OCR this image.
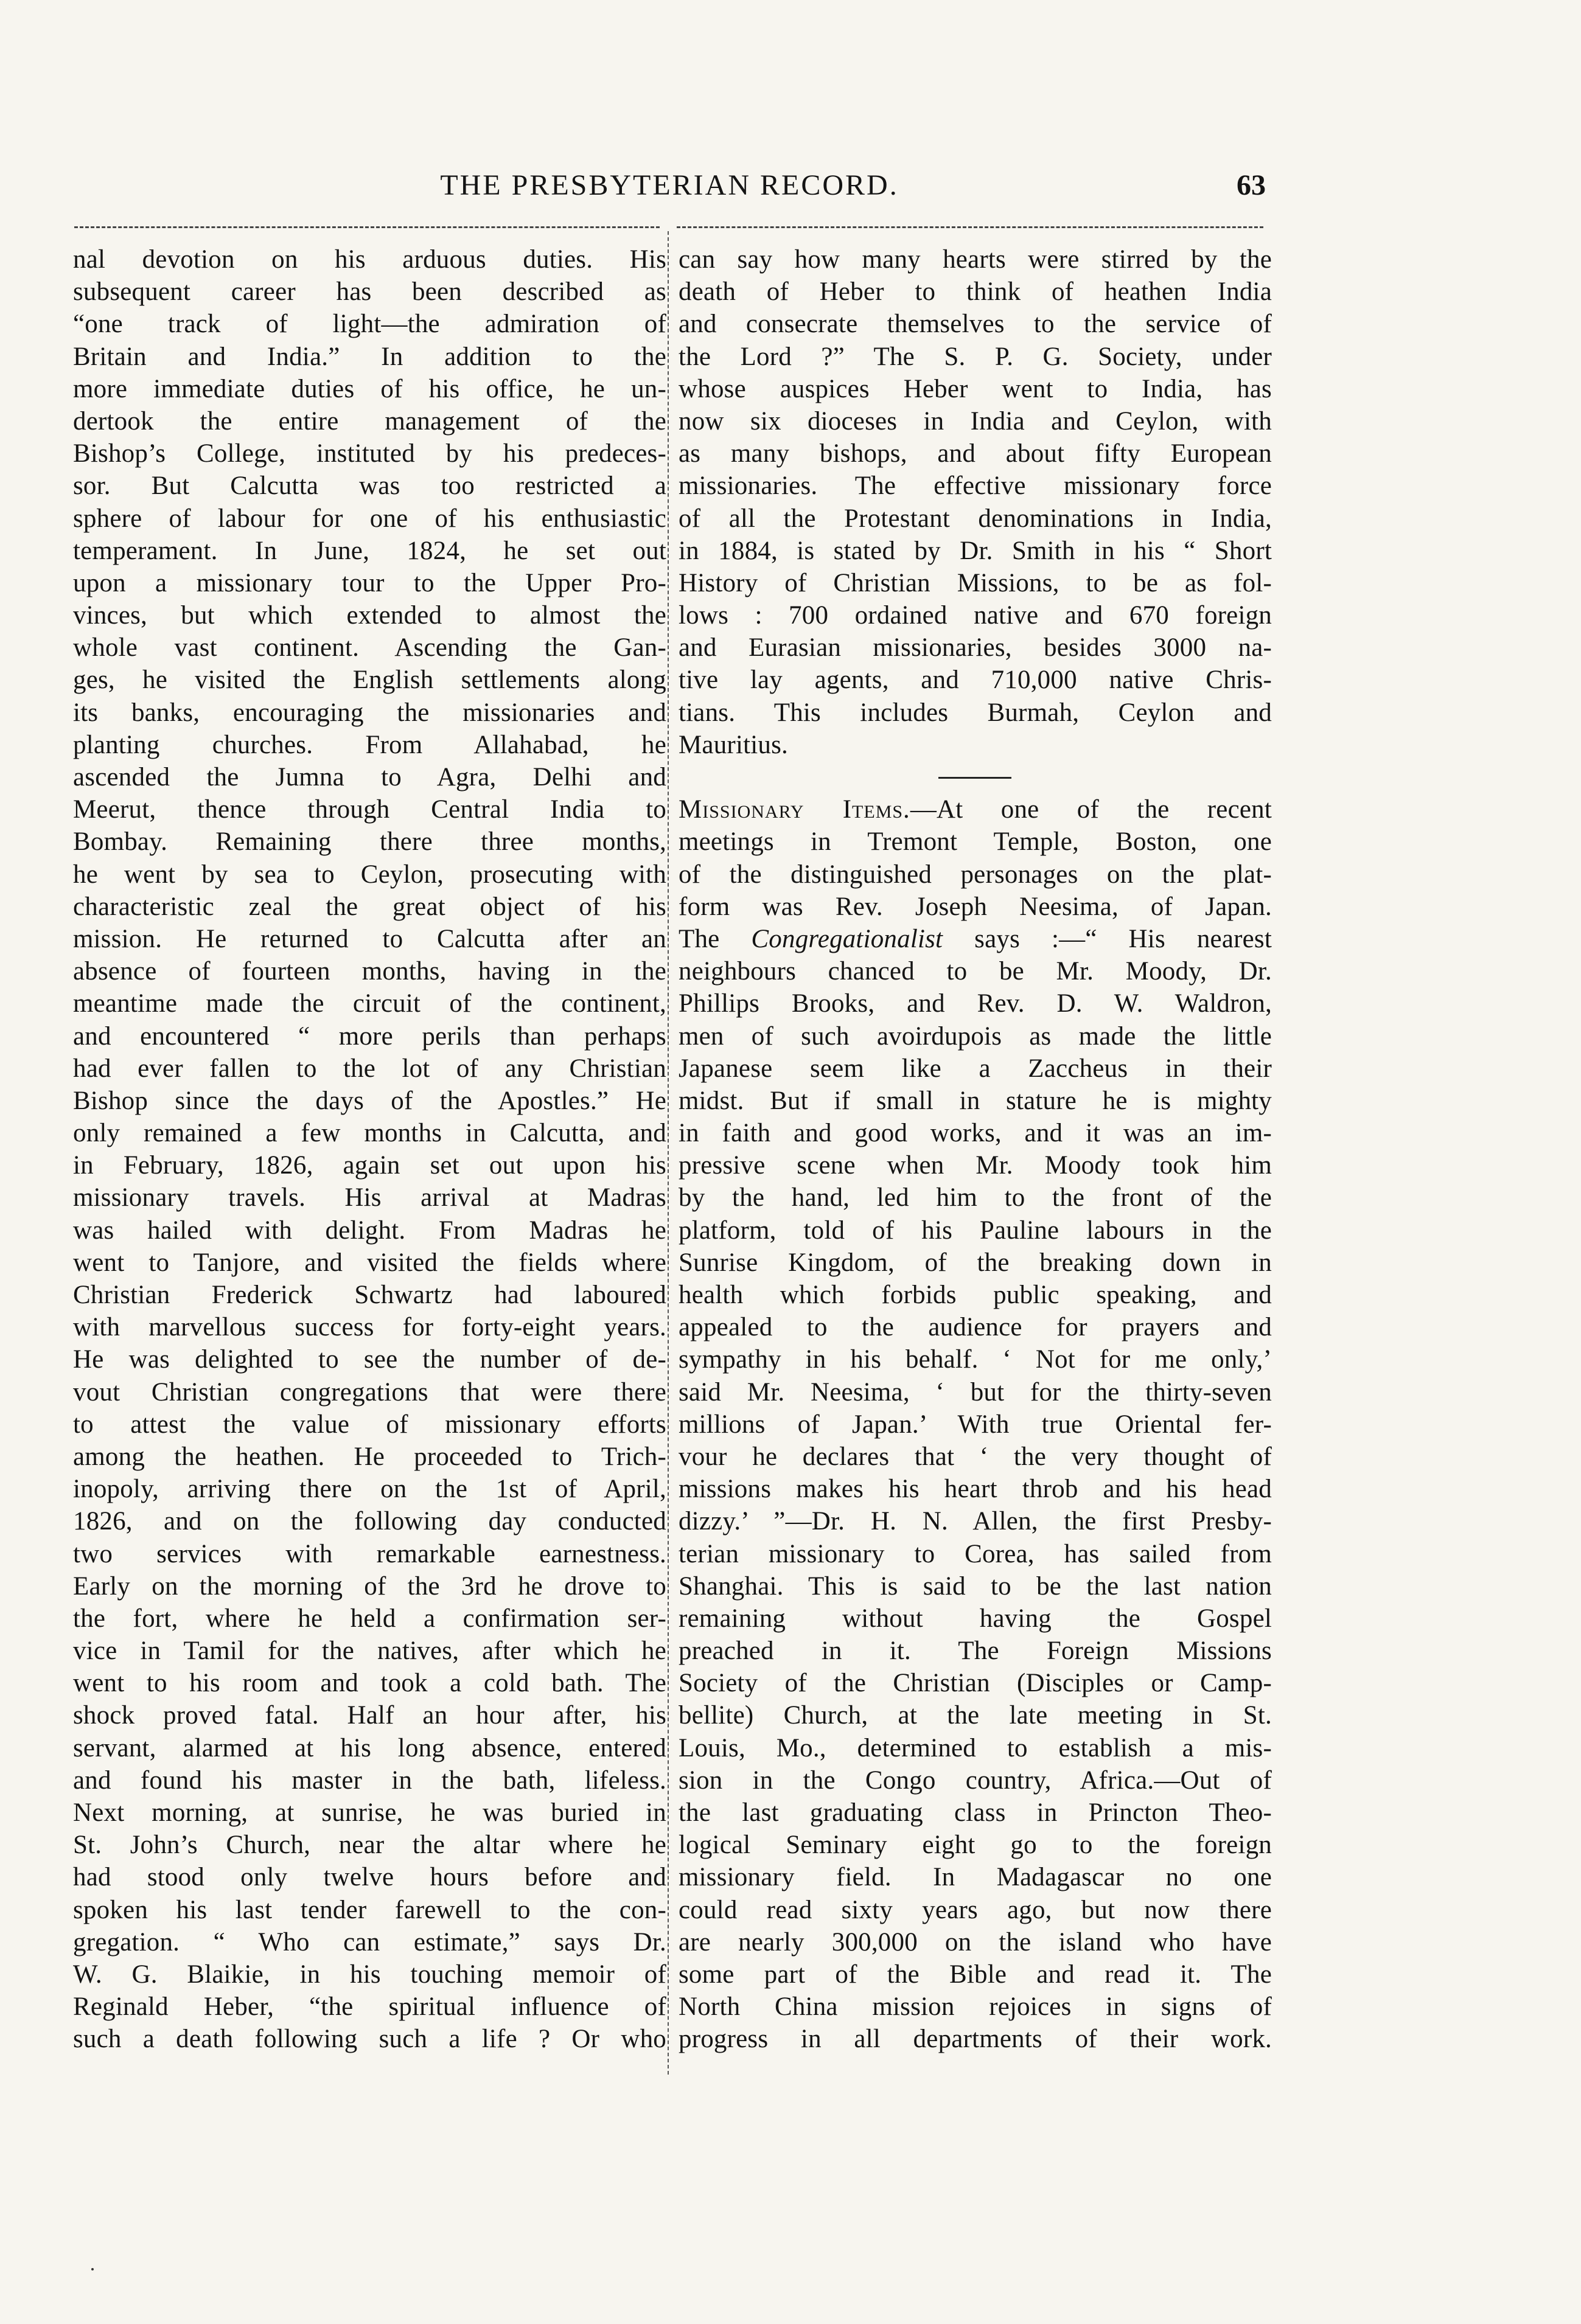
THE PRESBYTERIAN RECORD.	63
nal devotion on his arduous duties. His
subsequent career has been described as
“one track of light—the admiration of
Britain and India.” In addition to the
more immediate duties of his office, he un-
dertook the entire management of the
Bishop’s College, instituted by his predeces-
sor. But Calcutta was too restricted a
sphere of labour for one of his enthusiastic
temperament. In June, 1824, he set out
upon a missionary tour to the Upper Pro-
vinces, but which extended to almost the
whole vast continent. Ascending the Gan-
ges, he visited the English settlements along
its banks, encouraging the missionaries and
planting churches. From Allahabad, he
ascended the Jumna to Agra, Delhi and
Meerut, thence through Central India to
Bombay. Remaining there three months,
he went by sea to Ceylon, prosecuting with
characteristic zeal the great object of his
mission. He returned to Calcutta after an
absence of fourteen months, having in the
meantime made the circuit of the continent,
and encountered “ more perils than perhaps
had ever fallen to the lot of any Christian
Bishop since the days of the Apostles.” He
only remained a few months in Calcutta, and
in February, 1826, again set out upon his
missionary travels. His arrival at Madras
was hailed with delight. From Madras he
went to Tanjore, and visited the fields where
Christian Frederick Schwartz had laboured
with marvellous success for forty-eight years.
He was delighted to see the number of de-
vout Christian congregations that were there
to attest the value of missionary efforts
among the heathen. He proceeded to Trich-
inopoly, arriving there on the 1st of April,
1826, and on the following day conducted
two services with remarkable earnestness.
Early on the morning of the 3rd he drove to
the fort, where he held a confirmation ser-
vice in Tamil for the natives, after which he
went to his room and took a cold bath. The
shock proved fatal. Half an hour after, his
servant, alarmed at his long absence, entered
and found his master in the bath, lifeless.
Next morning, at sunrise, he was buried in
St. John’s Church, near the altar where he
had stood only twelve hours before and
spoken his last tender farewell to the con-
gregation. “ Who can estimate,” says Dr.
W. G. Blaikie, in his touching memoir of
Reginald Heber, “the spiritual influence of
such a death following such a life ? Or who
can say how many hearts were stirred by the
death of Heber to think of heathen India
and consecrate themselves to the service of
the Lord ?” The S. P. G. Society, under
whose auspices Heber went to India, has
now six dioceses in India and Ceylon, with
as many bishops, and about fifty European
missionaries. The effective missionary force
of all the Protestant denominations in India,
in 1884, is stated by Dr. Smith in his “ Short
History of Christian Missions, to be as fol-
lows : 700 ordained native and 670 foreign
and Eurasian missionaries, besides 3000 na-
tive lay agents, and 710,000 native Chris-
tians. This includes Burmah, Ceylon and
Mauritius.
Missionary Items.—At one of the recent
meetings in Tremont Temple, Boston, one
of the distinguished personages on the plat-
form was Rev. Joseph Neesima, of Japan.
The Congregationalist says :—“ His nearest
neighbours chanced to be Mr. Moody, Dr.
Phillips Brooks, and Rev. D. W. Waldron,
men of such avoirdupois as made the little
Japanese seem like a Zaccheus in their
midst. But if small in stature he is mighty
in faith and good works, and it was an im-
pressive scene when Mr. Moody took him
by the hand, led him to the front of the
platform, told of his Pauline labours in the
Sunrise Kingdom, of the breaking down in
health which forbids public speaking, and
appealed to the audience for prayers and
sympathy in his behalf. ‘ Not for me only,’
said Mr. Neesima, ‘ but for the thirty-seven
millions of Japan.’ With true Oriental fer-
vour he declares that ‘ the very thought of
missions makes his heart throb and his head
dizzy.’ ”—Dr. H. N. Allen, the first Presby-
terian missionary to Corea, has sailed from
Shanghai. This is said to be the last nation
remaining without having the Gospel
preached in it. The Foreign Missions
Society of the Christian (Disciples or Camp-
bellite) Church, at the late meeting in St.
Louis, Mo., determined to establish a mis-
sion in the Congo country, Africa.—Out of
the last graduating class in Princton Theo-
logical Seminary eight go to the foreign
missionary field. In Madagascar no one
could read sixty years ago, but now there
are nearly 300,000 on the island who have
some part of the Bible and read it. The
North China mission rejoices in signs of
progress in all departments of their work.
